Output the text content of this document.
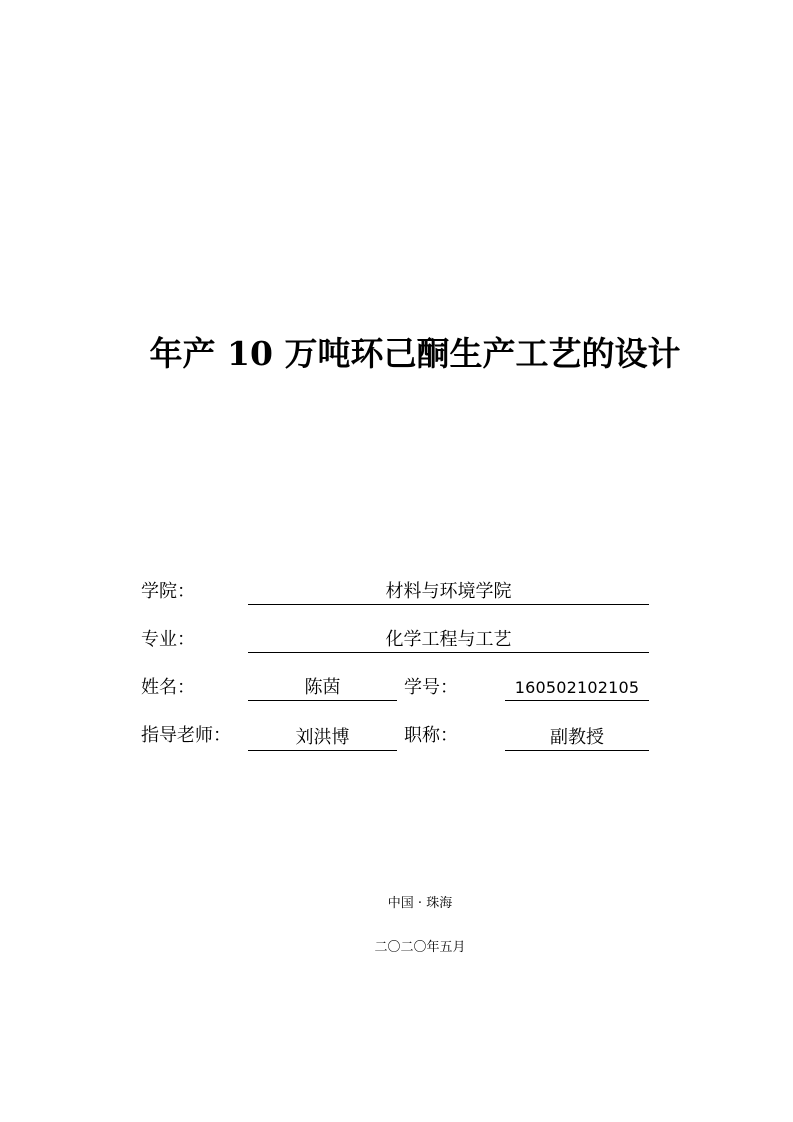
年产 10 万吨环己酮生产工艺的设计
学院：	材料与环境学院
专业：	化学工程与工艺
姓名：	陈茵	学号：	160502102105
指导老师：	刘洪博	职称：	副教授
中国 · 珠海
二〇二〇年五月
